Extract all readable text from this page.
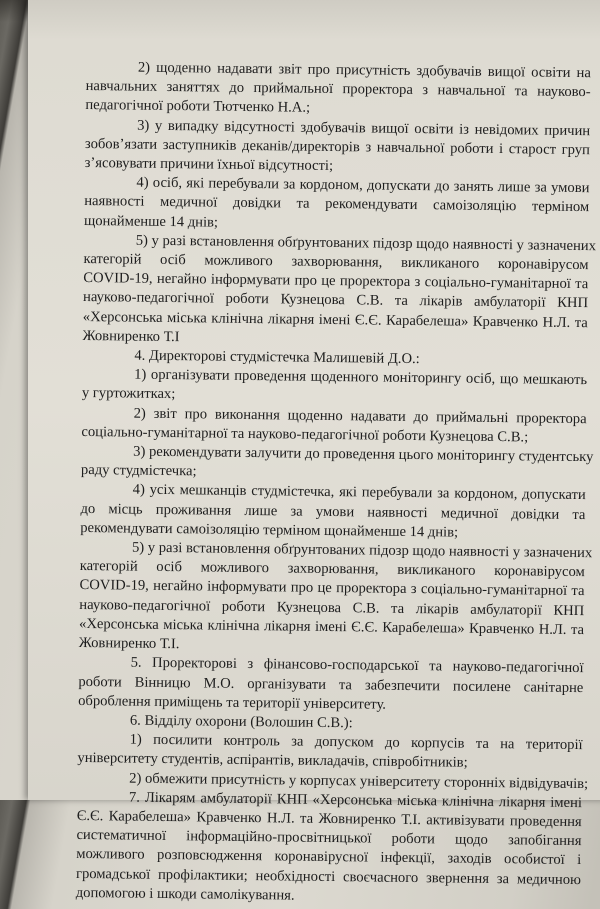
2) щоденно надавати звіт про присутність здобувачів вищої освіти на
навчальних заняттях до приймальної проректора з навчальної та науково-
педагогічної роботи Тютченко Н.А.;
3) у випадку відсутності здобувачів вищої освіти із невідомих причин
зобов’язати заступників деканів/директорів з навчальної роботи і старост груп
з’ясовувати причини їхньої відсутності;
4) осіб, які перебували за кордоном, допускати до занять лише за умови
наявності медичної довідки та рекомендувати самоізоляцію терміном
щонайменше 14 днів;
5) у разі встановлення обґрунтованих підозр щодо наявності у зазначених
категорій осіб можливого захворювання, викликаного коронавірусом
COVID-19, негайно інформувати про це проректора з соціально-гуманітарної та
науково-педагогічної роботи Кузнецова С.В. та лікарів амбулаторії КНП
«Херсонська міська клінічна лікарня імені Є.Є. Карабелеша» Кравченко Н.Л. та
Жовниренко Т.І
4. Директорові студмістечка Малишевій Д.О.:
1) організувати проведення щоденного моніторингу осіб, що мешкають
у гуртожитках;
2) звіт про виконання щоденно надавати до приймальні проректора
соціально-гуманітарної та науково-педагогічної роботи Кузнецова С.В.;
3) рекомендувати залучити до проведення цього моніторингу студентську
раду студмістечка;
4) усіх мешканців студмістечка, які перебували за кордоном, допускати
до місць проживання лише за умови наявності медичної довідки та
рекомендувати самоізоляцію терміном щонайменше 14 днів;
5) у разі встановлення обґрунтованих підозр щодо наявності у зазначених
категорій осіб можливого захворювання, викликаного коронавірусом
COVID-19, негайно інформувати про це проректора з соціально-гуманітарної та
науково-педагогічної роботи Кузнецова С.В. та лікарів амбулаторії КНП
«Херсонська міська клінічна лікарня імені Є.Є. Карабелеша» Кравченко Н.Л. та
Жовниренко Т.І.
5. Проректорові з фінансово-господарської та науково-педагогічної
роботи Вінницю М.О. організувати та забезпечити посилене санітарне
оброблення приміщень та території університету.
6. Відділу охорони (Волошин С.В.):
1) посилити контроль за допуском до корпусів та на території
університету студентів, аспірантів, викладачів, співробітників;
2) обмежити присутність у корпусах університету сторонніх відвідувачів;
7. Лікарям амбулаторії КНП «Херсонська міська клінічна лікарня імені
Є.Є. Карабелеша» Кравченко Н.Л. та Жовниренко Т.І. активізувати проведення
систематичної інформаційно-просвітницької роботи щодо запобігання
можливого розповсюдження коронавірусної інфекції, заходів особистої і
громадської профілактики; необхідності своєчасного звернення за медичною
допомогою і шкоди самолікування.
